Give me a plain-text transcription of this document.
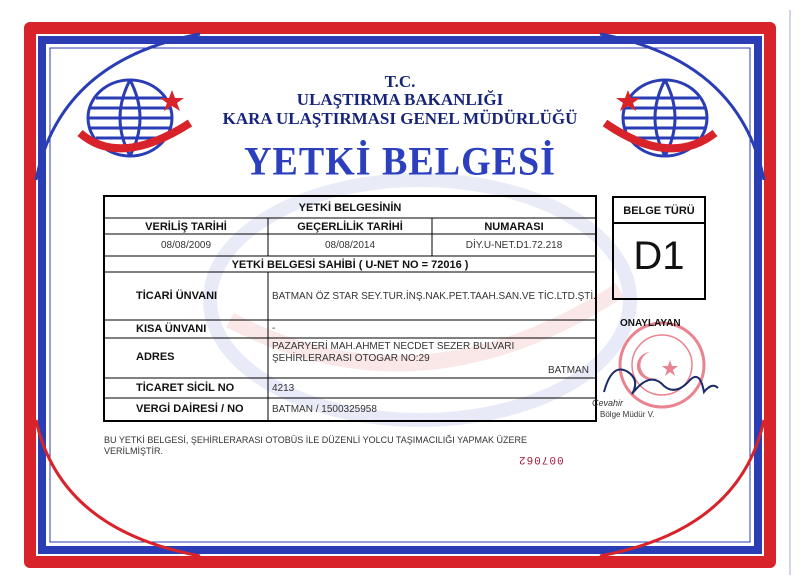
T.C.
ULAŞTIRMA BAKANLIĞI
KARA ULAŞTIRMASI GENEL MÜDÜRLÜĞÜ
YETKİ BELGESİ
YETKİ BELGESİNİN
VERİLİŞ TARİHİ	GEÇERLİLİK TARİHİ	NUMARASI
08/08/2009	08/08/2014	DİY.U-NET.D1.72.218
YETKİ BELGESİ SAHİBİ ( U-NET NO = 72016 )
TİCARİ ÜNVANI	BATMAN ÖZ STAR SEY.TUR.İNŞ.NAK.PET.TAAH.SAN.VE TİC.LTD.ŞTİ.
KISA ÜNVANI	-
ADRES
PAZARYERİ MAH.AHMET NECDET SEZER BULVARI
ŞEHİRLERARASI OTOGAR NO:29
BATMAN
TİCARET SİCİL NO	4213
VERGİ DAİRESİ / NO	BATMAN / 1500325958
BELGE TÜRÜ
D1
ONAYLAYAN
Cevahir
Bölge Müdür V.
BU YETKİ BELGESİ, ŞEHİRLERARASI OTOBÜS İLE DÜZENLİ YOLCU TAŞIMACILIĞI YAPMAK ÜZERE VERİLMİŞTİR.
007062
